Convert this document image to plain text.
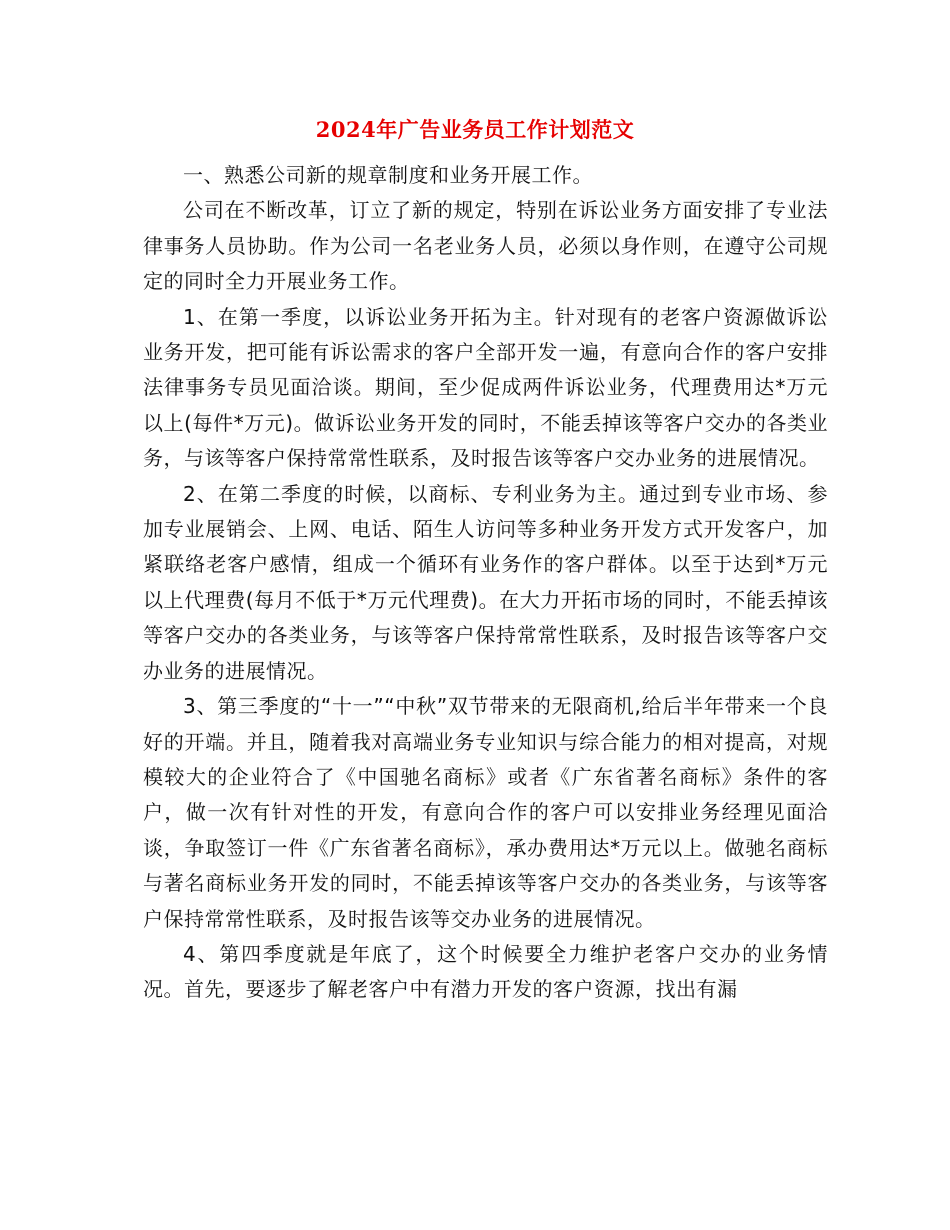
2024年广告业务员工作计划范文

一、熟悉公司新的规章制度和业务开展工作。

公司在不断改革，订立了新的规定，特别在诉讼业务方面安排了专业法律事务人员协助。作为公司一名老业务人员，必须以身作则，在遵守公司规定的同时全力开展业务工作。

1、在第一季度，以诉讼业务开拓为主。针对现有的老客户资源做诉讼业务开发，把可能有诉讼需求的客户全部开发一遍，有意向合作的客户安排法律事务专员见面洽谈。期间，至少促成两件诉讼业务，代理费用达*万元以上(每件*万元)。做诉讼业务开发的同时，不能丢掉该等客户交办的各类业务，与该等客户保持常常性联系，及时报告该等客户交办业务的进展情况。

2、在第二季度的时候，以商标、专利业务为主。通过到专业市场、参加专业展销会、上网、电话、陌生人访问等多种业务开发方式开发客户，加紧联络老客户感情，组成一个循环有业务作的客户群体。以至于达到*万元以上代理费(每月不低于*万元代理费)。在大力开拓市场的同时，不能丢掉该等客户交办的各类业务，与该等客户保持常常性联系，及时报告该等客户交办业务的进展情况。

3、第三季度的“十一”“中秋”双节带来的无限商机,给后半年带来一个良好的开端。并且，随着我对高端业务专业知识与综合能力的相对提高，对规模较大的企业符合了《中国驰名商标》或者《广东省著名商标》条件的客户，做一次有针对性的开发，有意向合作的客户可以安排业务经理见面洽谈，争取签订一件《广东省著名商标》，承办费用达*万元以上。做驰名商标与著名商标业务开发的同时，不能丢掉该等客户交办的各类业务，与该等客户保持常常性联系，及时报告该等交办业务的进展情况。

4、第四季度就是年底了，这个时候要全力维护老客户交办的业务情况。首先，要逐步了解老客户中有潜力开发的客户资源，找出有漏
